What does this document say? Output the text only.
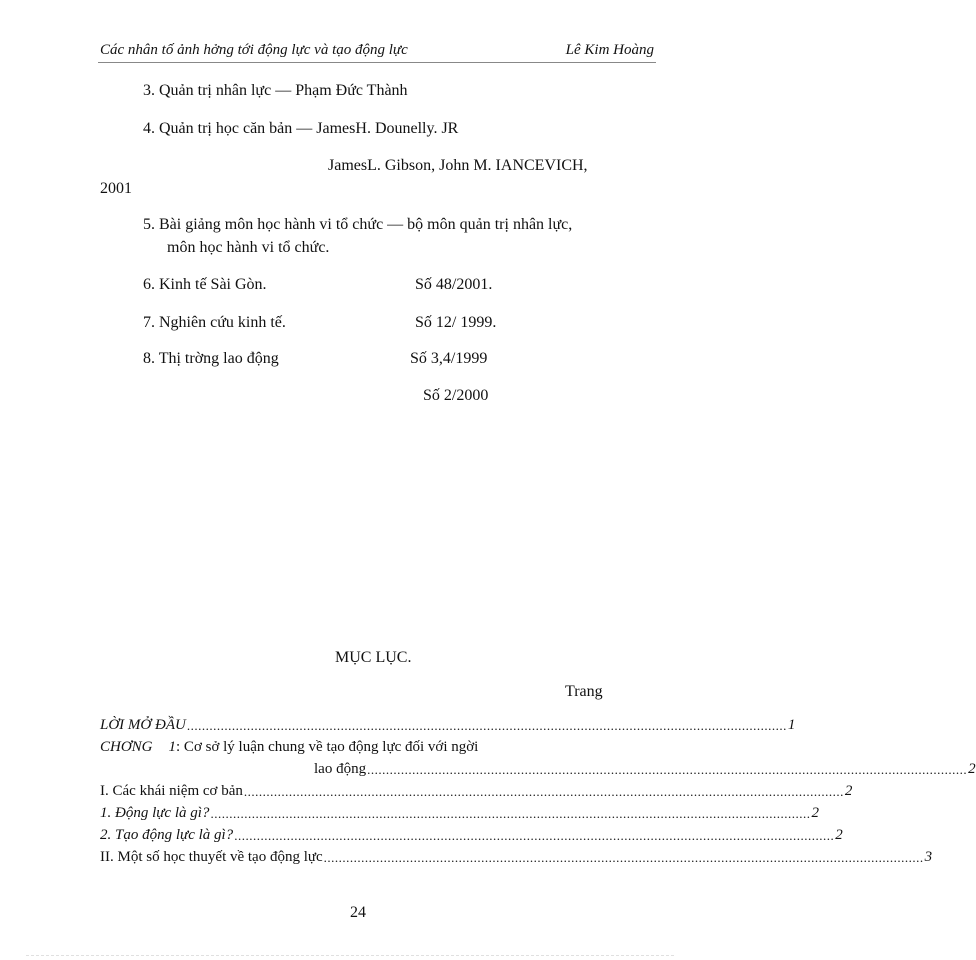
Các nhân tố ảnh hởng tới động lực và tạo động lực	Lê Kim Hoàng
3. Quản trị nhân lực — Phạm Đức Thành
4. Quản trị học căn bản — JamesH. Dounelly. JR
JamesL. Gibson, John M. IANCEVICH,
2001
5. Bài giảng môn học hành vi tổ chức — bộ môn quản trị nhân lực,
môn học hành vi tổ chức.
6. Kinh tế Sài Gòn.	Số 48/2001.
7. Nghiên cứu kinh tế.	Số 12/ 1999.
8. Thị trờng lao động	Số 3,4/1999
Số 2/2000
MỤC LỤC.
Trang
LỜI MỞ ĐẦU ................................................................................................................................................................ 1
CHƠNG 1 : Cơ sở lý luận chung về tạo động lực đối với ngời
lao động ................................................................................................................................................................ 2
I. Các khái niệm cơ bản ................................................................................................................................................................ 2
1. Động lực là gì? ................................................................................................................................................................ 2
2. Tạo động lực là gì? ................................................................................................................................................................ 2
II. Một số học thuyết về tạo động lực ................................................................................................................................................................ 3
24
